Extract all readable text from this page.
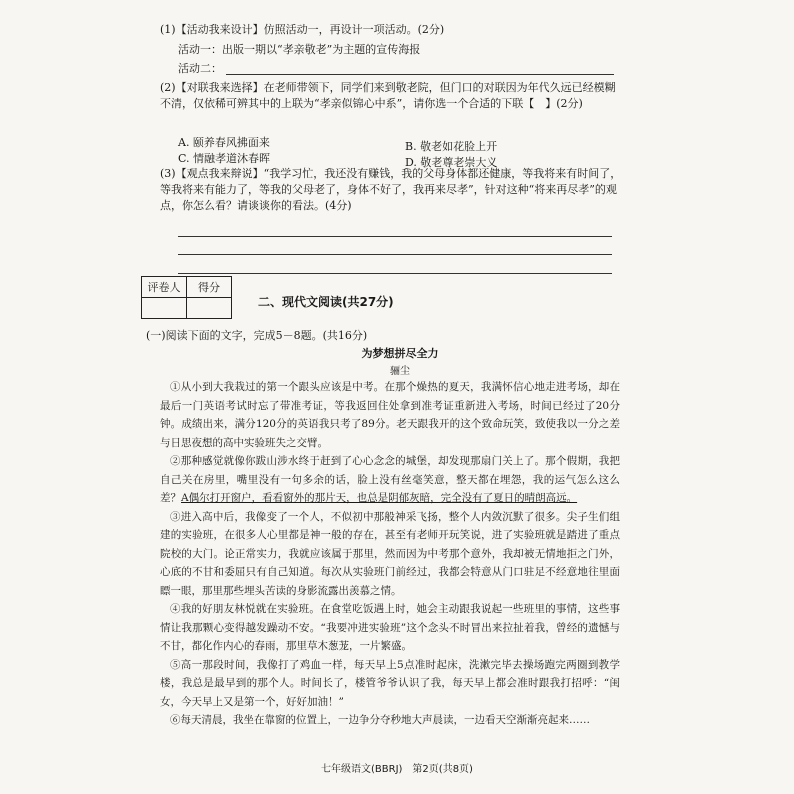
(1)【活动我来设计】仿照活动一，再设计一项活动。(2分)
活动一：出版一期以“孝亲敬老”为主题的宣传海报
活动二：
(2)【对联我来选择】在老师带领下，同学们来到敬老院，但门口的对联因为年代久远已经模糊不清，仅依稀可辨其中的上联为“孝亲似锦心中系”，请你选一个合适的下联【　】(2分)
A. 颐养春风拂面来	B. 敬老如花脸上开
C. 情融孝道沐春晖	D. 敬老尊老崇大义
(3)【观点我来辩说】“我学习忙，我还没有赚钱，我的父母身体都还健康，等我将来有时间了，等我将来有能力了，等我的父母老了，身体不好了，我再来尽孝”，针对这种“将来再尽孝”的观点，你怎么看？请谈谈你的看法。(4分)
评卷人	得分

二、现代文阅读(共27分)
(一)阅读下面的文字，完成5－8题。(共16分)
为梦想拼尽全力
骊尘

①从小到大我栽过的第一个跟头应该是中考。在那个燥热的夏天，我满怀信心地走进考场，却在最后一门英语考试时忘了带准考证，等我返回住处拿到准考证重新进入考场，时间已经过了20分钟。成绩出来，满分120分的英语我只考了89分。老天跟我开的这个致命玩笑，致使我以一分之差与日思夜想的高中实验班失之交臂。

②那种感觉就像你跋山涉水终于赶到了心心念念的城堡，却发现那扇门关上了。那个假期，我把自己关在房里，嘴里没有一句多余的话，脸上没有丝毫笑意，整天都在埋怨，我的运气怎么这么差？A偶尔打开窗户，看看窗外的那片天，也总是阴郁灰暗，完全没有了夏日的晴朗高远。

③进入高中后，我像变了一个人，不似初中那般神采飞扬，整个人内敛沉默了很多。尖子生们组建的实验班，在很多人心里都是神一般的存在，甚至有老师开玩笑说，进了实验班就是踏进了重点院校的大门。论正常实力，我就应该属于那里，然而因为中考那个意外，我却被无情地拒之门外，心底的不甘和委屈只有自己知道。每次从实验班门前经过，我都会特意从门口驻足不经意地往里面瞟一眼，那里那些埋头苦读的身影流露出羡慕之情。

④我的好朋友林悦就在实验班。在食堂吃饭遇上时，她会主动跟我说起一些班里的事情，这些事情让我那颗心变得越发躁动不安。“我要冲进实验班”这个念头不时冒出来拉扯着我，曾经的遗憾与不甘，都化作内心的春雨，那里草木葱茏，一片繁盛。

⑤高一那段时间，我像打了鸡血一样，每天早上5点准时起床，洗漱完毕去操场跑完两圈到教学楼，我总是最早到的那个人。时间长了，楼管爷爷认识了我，每天早上都会准时跟我打招呼：“闺女，今天早上又是第一个，好好加油！”

⑥每天清晨，我坐在靠窗的位置上，一边争分夺秒地大声晨读，一边看天空渐渐亮起来……

七年级语文(BBRJ)　第2页(共8页)
